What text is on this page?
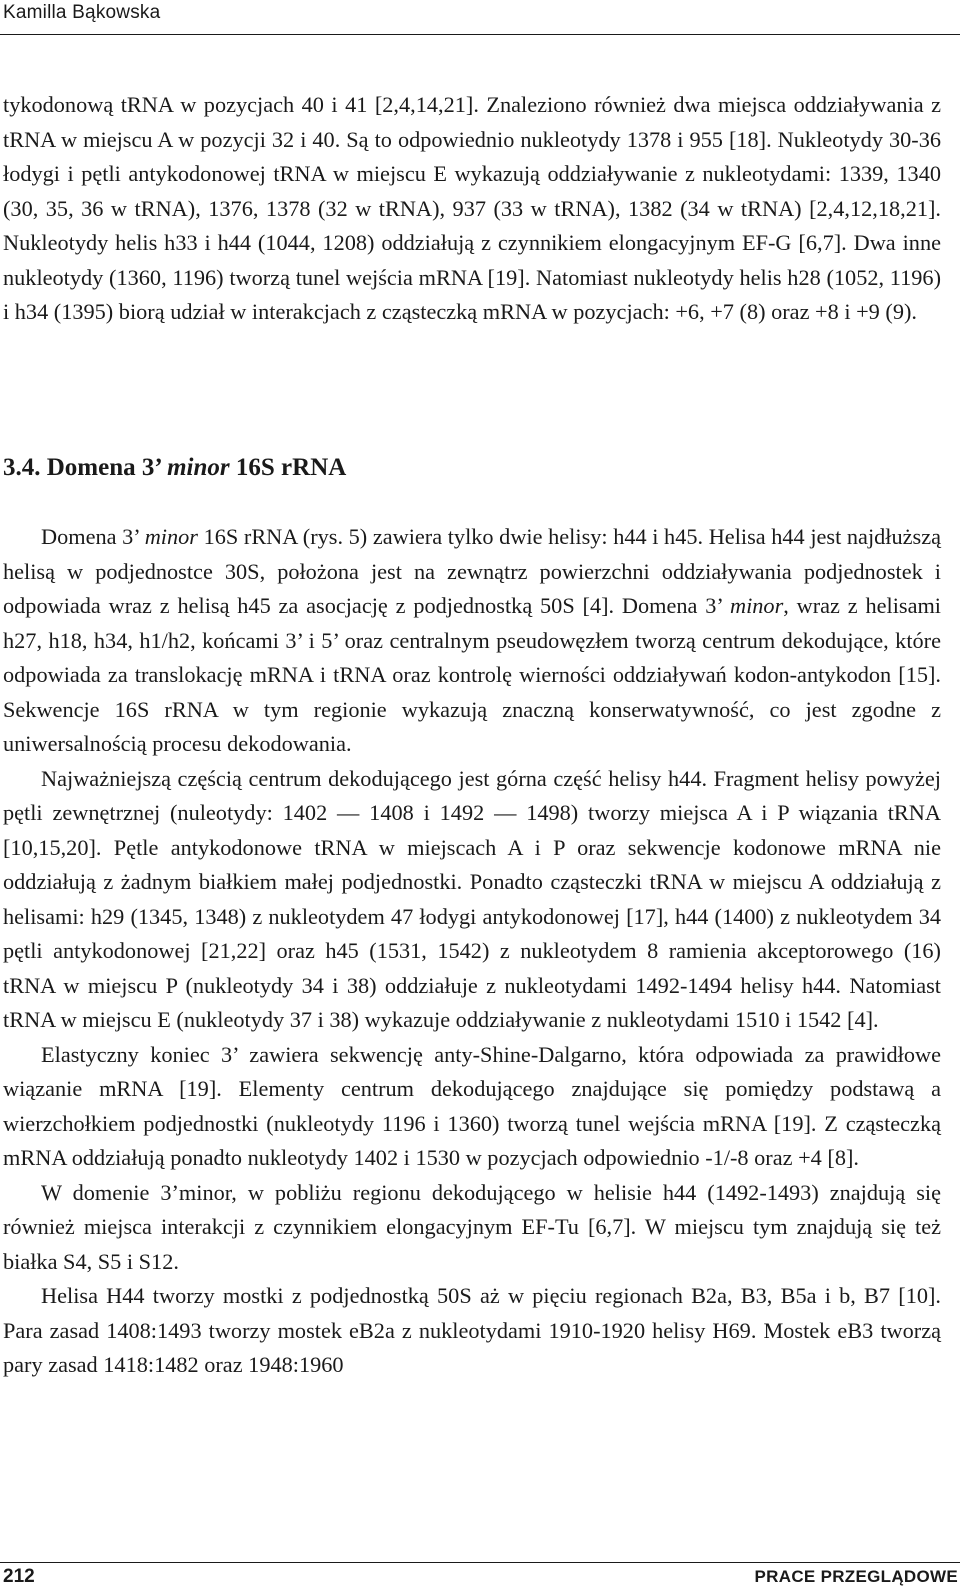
Kamilla Bąkowska

tykodonową tRNA w pozycjach 40 i 41 [2,4,14,21]. Znaleziono również dwa miejsca oddziaływania z tRNA w miejscu A w pozycji 32 i 40. Są to odpowiednio nukleotydy 1378 i 955 [18]. Nukleotydy 30-36 łodygi i pętli antykodonowej tRNA w miejscu E wykazują oddziaływanie z nukleotydami: 1339, 1340 (30, 35, 36 w tRNA), 1376, 1378 (32 w tRNA), 937 (33 w tRNA), 1382 (34 w tRNA) [2,4,12,18,21]. Nukleotydy helis h33 i h44 (1044, 1208) oddziałują z czynnikiem elongacyjnym EF-G [6,7]. Dwa inne nukleotydy (1360, 1196) tworzą tunel wejścia mRNA [19]. Natomiast nukleotydy helis h28 (1052, 1196) i h34 (1395) biorą udział w interakcjach z cząsteczką mRNA w pozycjach: +6, +7 (8) oraz +8 i +9 (9).

3.4. Domena 3’ minor 16S rRNA

Domena 3’ minor 16S rRNA (rys. 5) zawiera tylko dwie helisy: h44 i h45. Helisa h44 jest najdłuższą helisą w podjednostce 30S, położona jest na zewnątrz powierzchni oddziaływania podjednostek i odpowiada wraz z helisą h45 za asocjację z podjednostką 50S [4]. Domena 3’ minor, wraz z helisami h27, h18, h34, h1/h2, końcami 3’ i 5’ oraz centralnym pseudowęzłem tworzą centrum dekodujące, które odpowiada za translokację mRNA i tRNA oraz kontrolę wierności oddziaływań kodon-antykodon [15]. Sekwencje 16S rRNA w tym regionie wykazują znaczną konserwatywność, co jest zgodne z uniwersalnością procesu dekodowania.

Najważniejszą częścią centrum dekodującego jest górna część helisy h44. Fragment helisy powyżej pętli zewnętrznej (nuleotydy: 1402 — 1408 i 1492 — 1498) tworzy miejsca A i P wiązania tRNA [10,15,20]. Pętle antykodonowe tRNA w miejscach A i P oraz sekwencje kodonowe mRNA nie oddziałują z żadnym białkiem małej podjednostki. Ponadto cząsteczki tRNA w miejscu A oddziałują z helisami: h29 (1345, 1348) z nukleotydem 47 łodygi antykodonowej [17], h44 (1400) z nukleotydem 34 pętli antykodonowej [21,22] oraz h45 (1531, 1542) z nukleotydem 8 ramienia akceptorowego (16) tRNA w miejscu P (nukleotydy 34 i 38) oddziałuje z nukleotydami 1492-1494 helisy h44. Natomiast tRNA w miejscu E (nukleotydy 37 i 38) wykazuje oddziaływanie z nukleotydami 1510 i 1542 [4].

Elastyczny koniec 3’ zawiera sekwencję anty-Shine-Dalgarno, która odpowiada za prawidłowe wiązanie mRNA [19]. Elementy centrum dekodującego znajdujące się pomiędzy podstawą a wierzchołkiem podjednostki (nukleotydy 1196 i 1360) tworzą tunel wejścia mRNA [19]. Z cząsteczką mRNA oddziałują ponadto nukleotydy 1402 i 1530 w pozycjach odpowiednio -1/-8 oraz +4 [8].

W domenie 3’minor, w pobliżu regionu dekodującego w helisie h44 (1492-1493) znajdują się również miejsca interakcji z czynnikiem elongacyjnym EF-Tu [6,7]. W miejscu tym znajdują się też białka S4, S5 i S12.

Helisa H44 tworzy mostki z podjednostką 50S aż w pięciu regionach B2a, B3, B5a i b, B7 [10]. Para zasad 1408:1493 tworzy mostek eB2a z nukleotydami 1910-1920 helisy H69. Mostek eB3 tworzą pary zasad 1418:1482 oraz 1948:1960

212	PRACE PRZEGLĄDOWE
